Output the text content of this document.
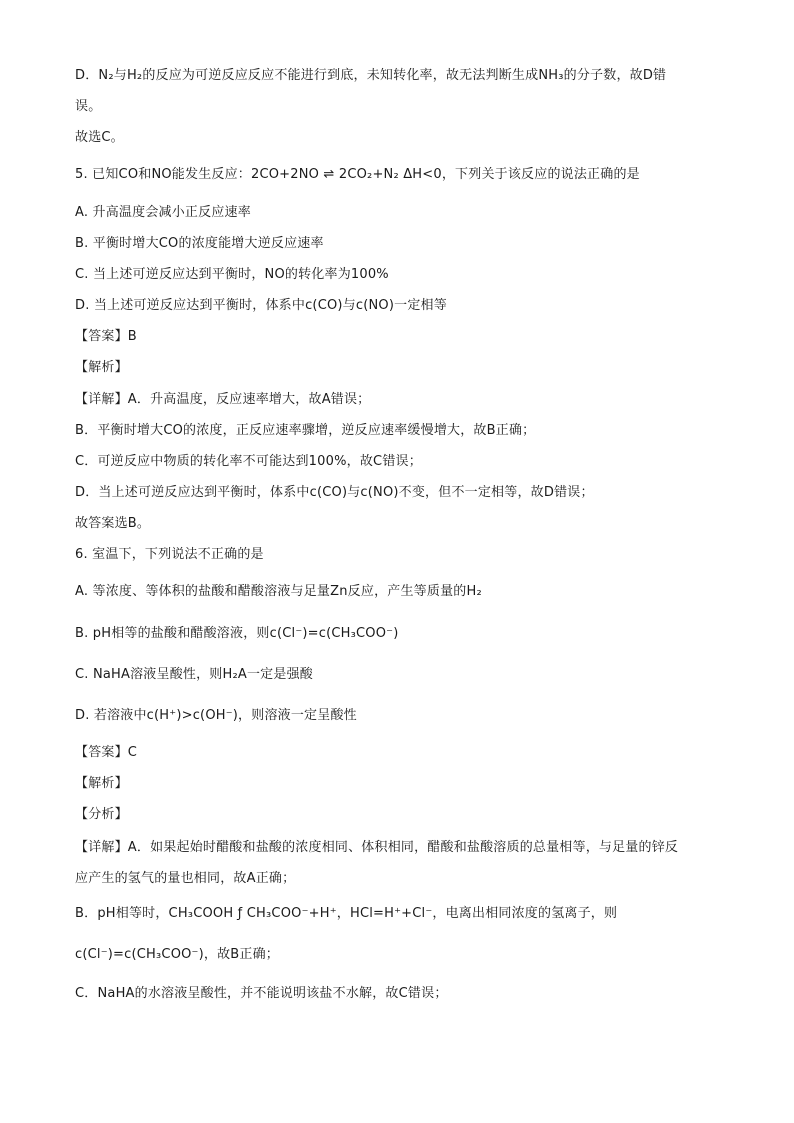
D．N₂与H₂的反应为可逆反应反应不能进行到底，未知转化率，故无法判断生成NH₃的分子数，故D错
误。
故选C。
5. 已知CO和NO能发生反应：2CO+2NO ⇌ 2CO₂+N₂ ΔH<0，下列关于该反应的说法正确的是
A. 升高温度会减小正反应速率
B. 平衡时增大CO的浓度能增大逆反应速率
C. 当上述可逆反应达到平衡时，NO的转化率为100%
D. 当上述可逆反应达到平衡时，体系中c(CO)与c(NO)一定相等
【答案】B
【解析】
【详解】A．升高温度，反应速率增大，故A错误；
B．平衡时增大CO的浓度，正反应速率骤增，逆反应速率缓慢增大，故B正确；
C．可逆反应中物质的转化率不可能达到100%，故C错误；
D．当上述可逆反应达到平衡时，体系中c(CO)与c(NO)不变，但不一定相等，故D错误；
故答案选B。
6. 室温下，下列说法不正确的是
A. 等浓度、等体积的盐酸和醋酸溶液与足量Zn反应，产生等质量的H₂
B. pH相等的盐酸和醋酸溶液，则c(Cl⁻)=c(CH₃COO⁻)
C. NaHA溶液呈酸性，则H₂A一定是强酸
D. 若溶液中c(H⁺)>c(OH⁻)，则溶液一定呈酸性
【答案】C
【解析】
【分析】
【详解】A．如果起始时醋酸和盐酸的浓度相同、体积相同，醋酸和盐酸溶质的总量相等，与足量的锌反
应产生的氢气的量也相同，故A正确；
B．pH相等时，CH₃COOH ƒ CH₃COO⁻+H⁺，HCl=H⁺+Cl⁻，电离出相同浓度的氢离子，则
c(Cl⁻)=c(CH₃COO⁻)，故B正确；
C．NaHA的水溶液呈酸性，并不能说明该盐不水解，故C错误；
